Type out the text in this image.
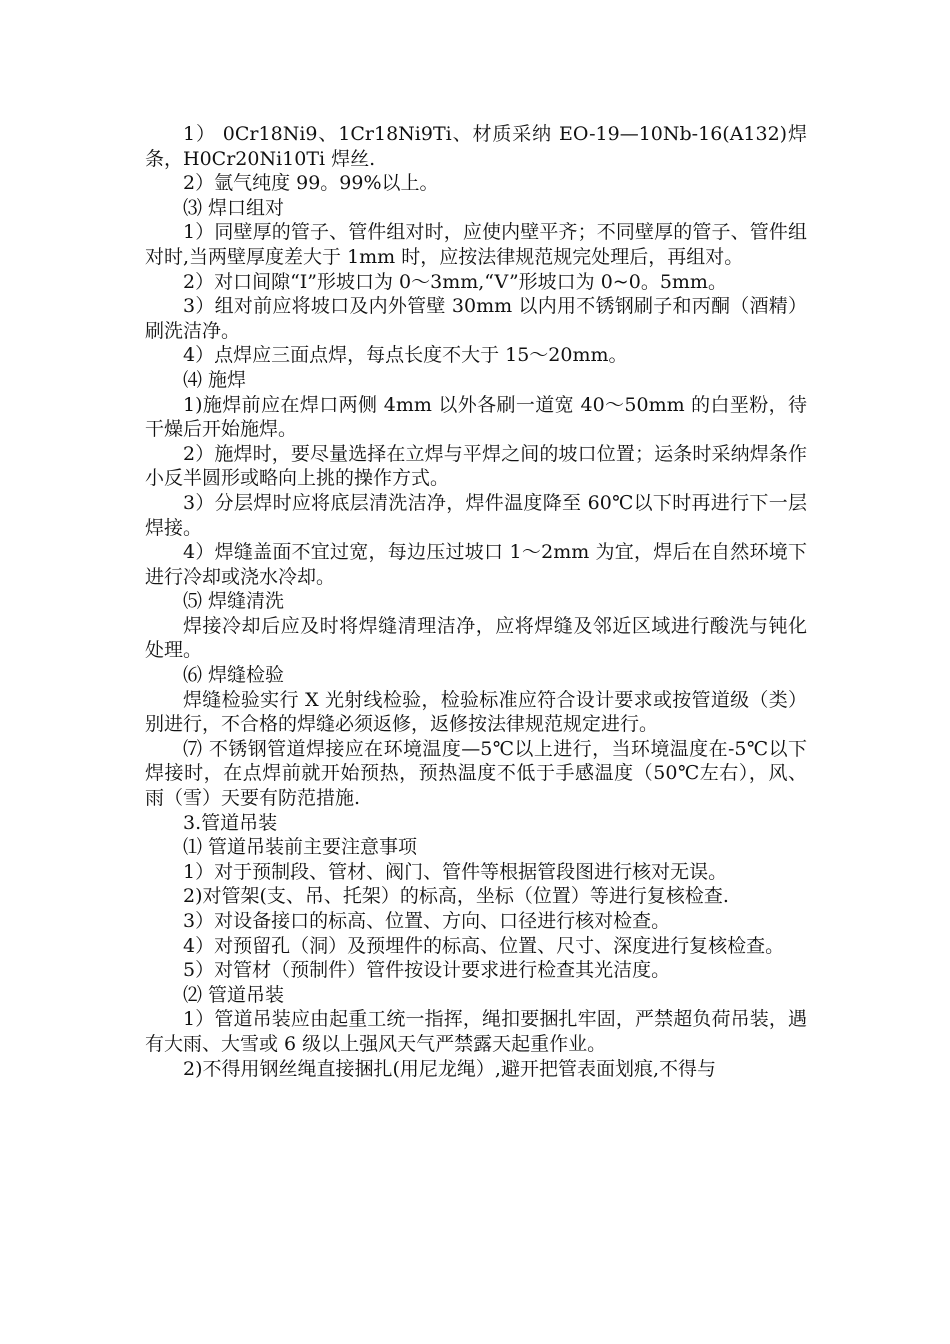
1） 0Cr18Ni9、1Cr18Ni9Ti、材质采纳 EO-19—10Nb-16(A132)焊条，H0Cr20Ni10Ti 焊丝.

2）氩气纯度 99。99%以上。

⑶ 焊口组对

1）同壁厚的管子、管件组对时，应使内壁平齐；不同壁厚的管子、管件组对时,当两壁厚度差大于 1mm 时，应按法律规范规完处理后，再组对。

2）对口间隙“I”形坡口为 0～3mm,“V”形坡口为 0~0。5mm。

3）组对前应将坡口及内外管壁 30mm 以内用不锈钢刷子和丙酮（酒精）刷洗洁净。

4）点焊应三面点焊，每点长度不大于 15～20mm。

⑷ 施焊

1)施焊前应在焊口两侧 4mm 以外各刷一道宽 40～50mm 的白垩粉，待干燥后开始施焊。

2）施焊时，要尽量选择在立焊与平焊之间的坡口位置；运条时采纳焊条作小反半圆形或略向上挑的操作方式。

3）分层焊时应将底层清洗洁净，焊件温度降至 60℃以下时再进行下一层焊接。

4）焊缝盖面不宜过宽，每边压过坡口 1～2mm 为宜，焊后在自然环境下进行冷却或浇水冷却。

⑸ 焊缝清洗

焊接冷却后应及时将焊缝清理洁净，应将焊缝及邻近区域进行酸洗与钝化处理。

⑹ 焊缝检验

焊缝检验实行 X 光射线检验，检验标准应符合设计要求或按管道级（类）别进行，不合格的焊缝必须返修，返修按法律规范规定进行。

⑺ 不锈钢管道焊接应在环境温度—5℃以上进行，当环境温度在-5℃以下焊接时，在点焊前就开始预热，预热温度不低于手感温度（50℃左右），风、雨（雪）天要有防范措施.

3.管道吊装

⑴ 管道吊装前主要注意事项

1）对于预制段、管材、阀门、管件等根据管段图进行核对无误。

2)对管架(支、吊、托架）的标高，坐标（位置）等进行复核检查.

3）对设备接口的标高、位置、方向、口径进行核对检查。

4）对预留孔（洞）及预埋件的标高、位置、尺寸、深度进行复核检查。

5）对管材（预制件）管件按设计要求进行检查其光洁度。

⑵ 管道吊装

1）管道吊装应由起重工统一指挥，绳扣要捆扎牢固，严禁超负荷吊装，遇有大雨、大雪或 6 级以上强风天气严禁露天起重作业。

2)不得用钢丝绳直接捆扎(用尼龙绳）,避开把管表面划痕,不得与
